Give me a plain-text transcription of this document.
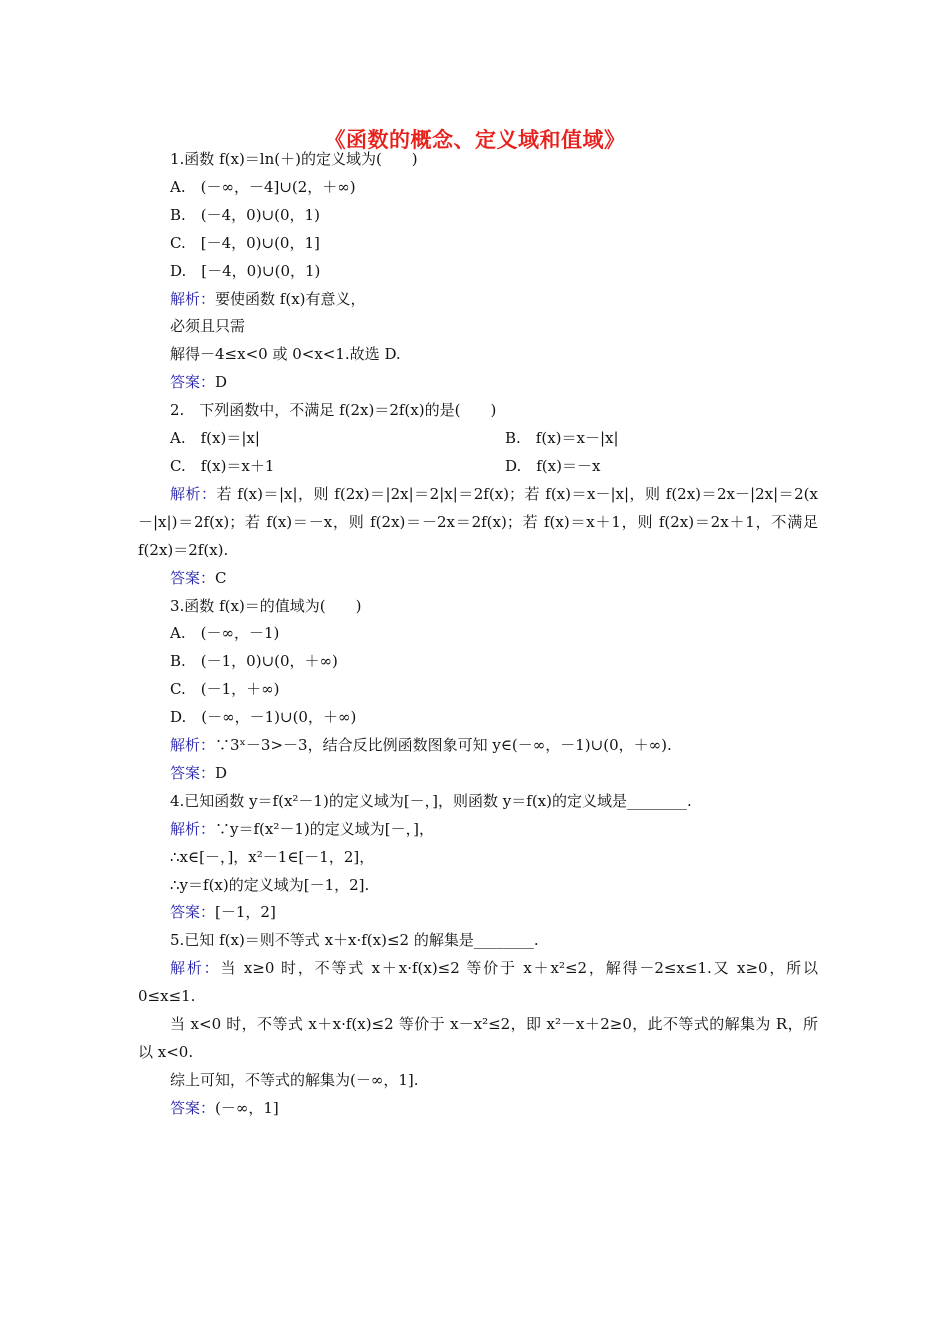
《函数的概念、定义域和值域》
1.函数 f(x)＝ln(＋)的定义域为(　　)
A.　(－∞，－4]∪(2，＋∞)
B.　(－4，0)∪(0，1)
C.　[－4，0)∪(0，1]
D.　[－4，0)∪(0，1)
解析：要使函数 f(x)有意义，
必须且只需
解得－4≤x<0 或 0<x<1.故选 D.
答案：D
2.　下列函数中，不满足 f(2x)＝2f(x)的是(　　)
A.　f(x)＝|x|	B.　f(x)＝x－|x|
C.　f(x)＝x＋1	D.　f(x)＝－x
解析：若 f(x)＝|x|，则 f(2x)＝|2x|＝2|x|＝2f(x)；若 f(x)＝x－|x|，则 f(2x)＝2x－|2x|＝2(x－|x|)＝2f(x)；若 f(x)＝－x，则 f(2x)＝－2x＝2f(x)；若 f(x)＝x＋1，则 f(2x)＝2x＋1，不满足 f(2x)＝2f(x).
答案：C
3.函数 f(x)＝的值域为(　　)
A.　(－∞，－1)
B.　(－1，0)∪(0，＋∞)
C.　(－1，＋∞)
D.　(－∞，－1)∪(0，＋∞)
解析：∵3ˣ－3>－3，结合反比例函数图象可知 y∈(－∞，－1)∪(0，＋∞).
答案：D
4.已知函数 y＝f(x²－1)的定义域为[－，]，则函数 y＝f(x)的定义域是________.
解析：∵y＝f(x²－1)的定义域为[－，]，
∴x∈[－，]，x²－1∈[－1，2]，
∴y＝f(x)的定义域为[－1，2].
答案：[－1，2]
5.已知 f(x)＝则不等式 x＋x·f(x)≤2 的解集是________.
解析：当 x≥0 时，不等式 x＋x·f(x)≤2 等价于 x＋x²≤2，解得－2≤x≤1.又 x≥0，所以 0≤x≤1.
当 x<0 时，不等式 x＋x·f(x)≤2 等价于 x－x²≤2，即 x²－x＋2≥0，此不等式的解集为 R，所以 x<0.
综上可知，不等式的解集为(－∞，1].
答案：(－∞，1]
